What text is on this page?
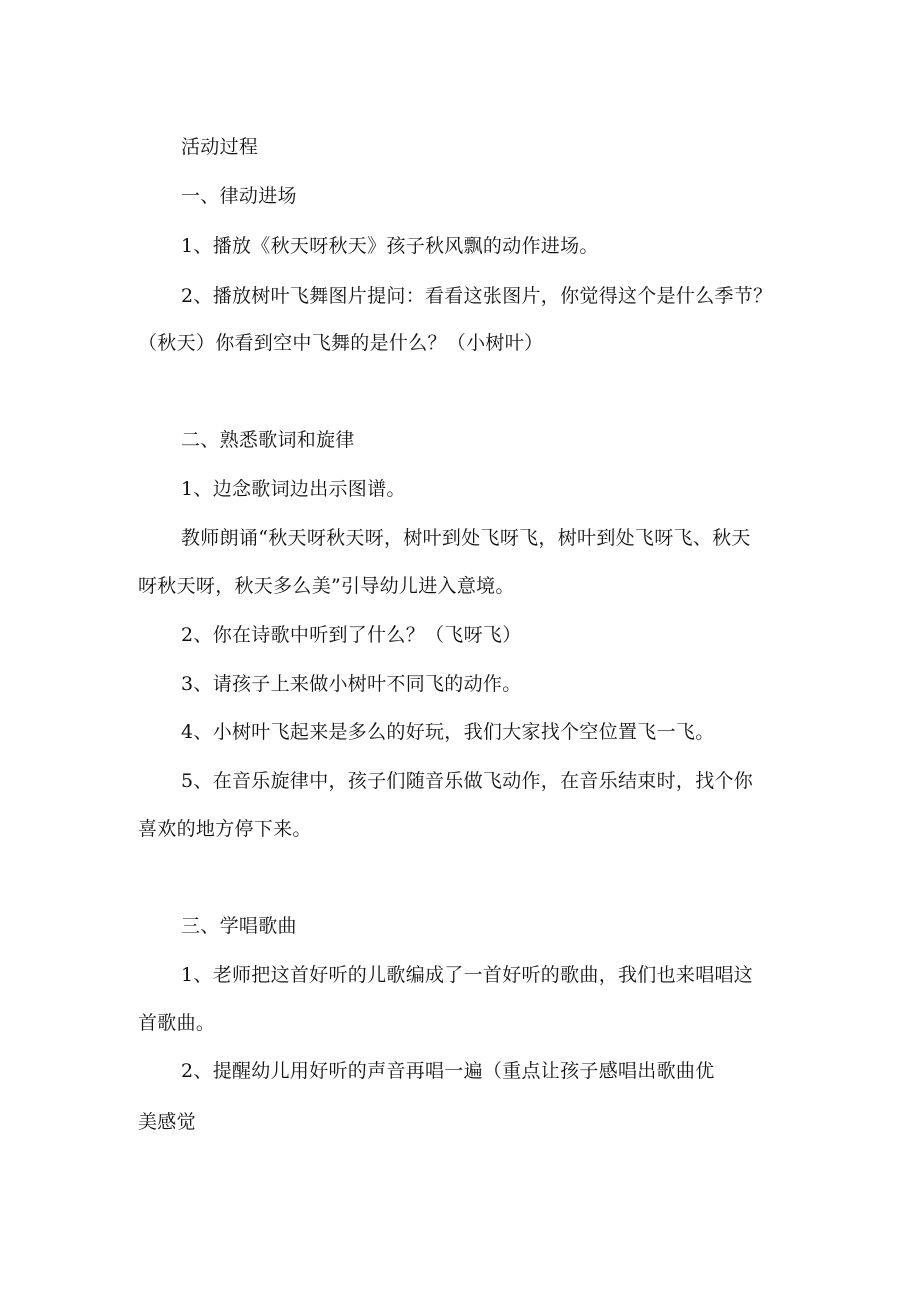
活动过程
一、律动进场
1、播放《秋天呀秋天》孩子秋风飘的动作进场。
2、播放树叶飞舞图片提问：看看这张图片，你觉得这个是什么季节？
（秋天）你看到空中飞舞的是什么？（小树叶）
二、熟悉歌词和旋律
1、边念歌词边出示图谱。
教师朗诵“秋天呀秋天呀，树叶到处飞呀飞，树叶到处飞呀飞、秋天
呀秋天呀，秋天多么美”引导幼儿进入意境。
2、你在诗歌中听到了什么？（飞呀飞）
3、请孩子上来做小树叶不同飞的动作。
4、小树叶飞起来是多么的好玩，我们大家找个空位置飞一飞。
5、在音乐旋律中，孩子们随音乐做飞动作，在音乐结束时，找个你
喜欢的地方停下来。
三、学唱歌曲
1、老师把这首好听的儿歌编成了一首好听的歌曲，我们也来唱唱这
首歌曲。
2、提醒幼儿用好听的声音再唱一遍（重点让孩子感唱出歌曲优
美感觉
